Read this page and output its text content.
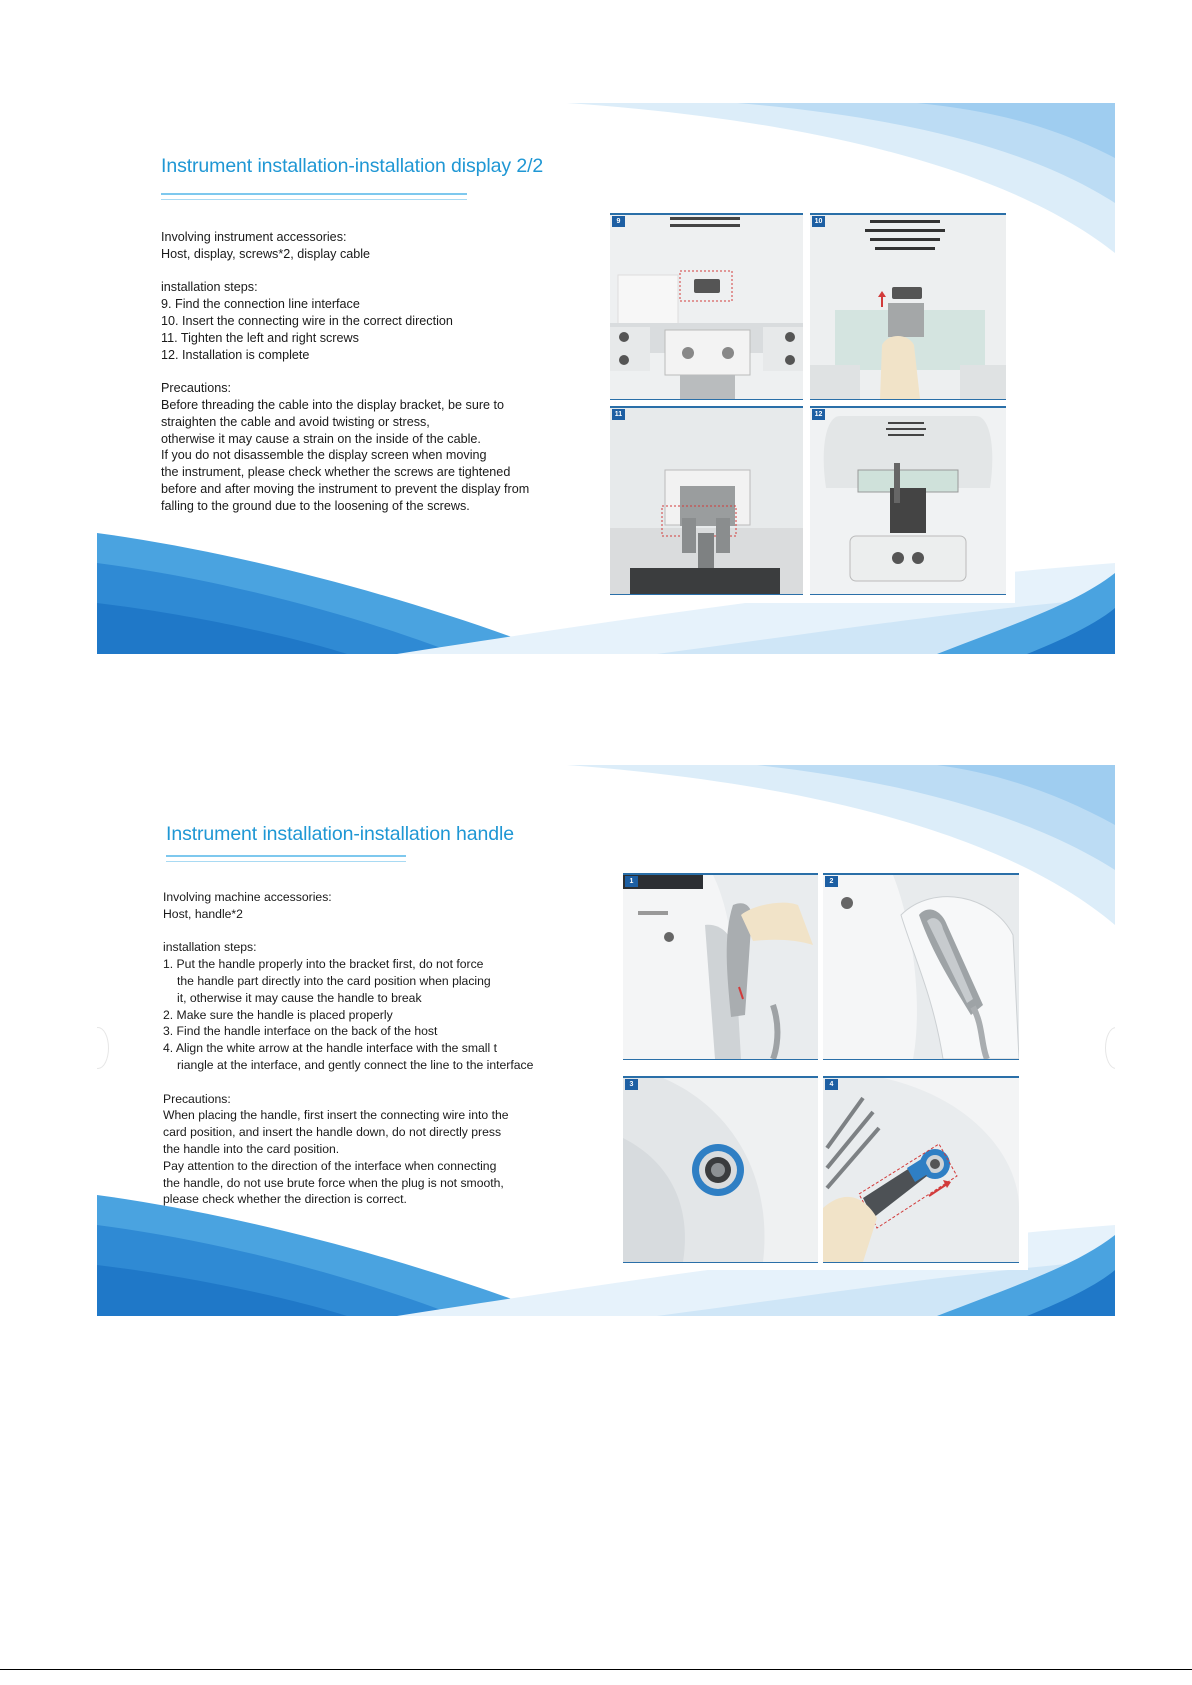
Instrument installation-installation display 2/2

Involving instrument accessories:

Host, display, screws*2, display cable

installation steps:

9. Find the connection line interface

10. Insert the connecting wire in the correct direction

11. Tighten the left and right screws

12. Installation is complete

Precautions:

Before threading the cable into the display bracket, be sure to

straighten the cable and avoid twisting or stress,

otherwise it may cause a strain on the inside of the cable.

If you do not disassemble the display screen when moving

the instrument, please check whether the screws are tightened

before and after moving the instrument to prevent the display from

falling to the ground due to the loosening of the screws.

9	10
11	12
Instrument installation-installation handle

Involving machine accessories:

Host, handle*2

installation steps:

1. Put the handle properly into the bracket first, do not force

the handle part directly into the card position when placing

it, otherwise it may cause the handle to break

2. Make sure the handle is placed properly

3. Find the handle interface on the back of the host

4. Align the white arrow at the handle interface with the small t

riangle at the interface, and gently connect the line to the interface

Precautions:

When placing the handle, first insert the connecting wire into the

card position, and insert the handle down, do not directly press

the handle into the card position.

Pay attention to the direction of the interface when connecting

the handle, do not use brute force when the plug is not smooth,

please check whether the direction is correct.

1	2
3	4
